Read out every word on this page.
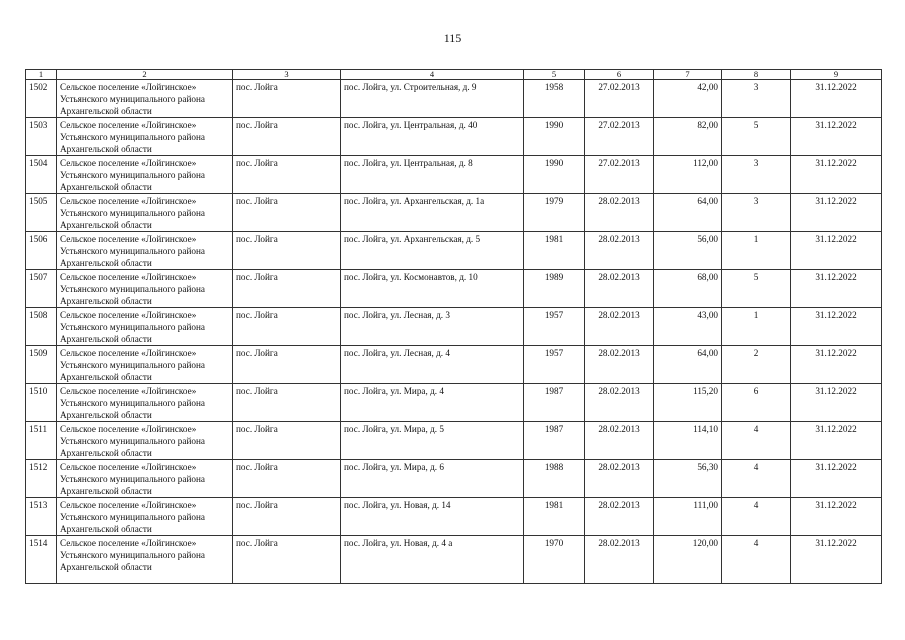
115
1	2	3	4	5	6	7	8	9
1502	Сельское поселение «Лойгинское» Устьянского муниципального района Архангельской области	пос. Лойга	пос. Лойга, ул. Строительная, д. 9	1958	27.02.2013	42,00	3	31.12.2022
1503	Сельское поселение «Лойгинское» Устьянского муниципального района Архангельской области	пос. Лойга	пос. Лойга, ул. Центральная, д. 40	1990	27.02.2013	82,00	5	31.12.2022
1504	Сельское поселение «Лойгинское» Устьянского муниципального района Архангельской области	пос. Лойга	пос. Лойга, ул. Центральная, д. 8	1990	27.02.2013	112,00	3	31.12.2022
1505	Сельское поселение «Лойгинское» Устьянского муниципального района Архангельской области	пос. Лойга	пос. Лойга, ул. Архангельская, д. 1а	1979	28.02.2013	64,00	3	31.12.2022
1506	Сельское поселение «Лойгинское» Устьянского муниципального района Архангельской области	пос. Лойга	пос. Лойга, ул. Архангельская, д. 5	1981	28.02.2013	56,00	1	31.12.2022
1507	Сельское поселение «Лойгинское» Устьянского муниципального района Архангельской области	пос. Лойга	пос. Лойга, ул. Космонавтов, д. 10	1989	28.02.2013	68,00	5	31.12.2022
1508	Сельское поселение «Лойгинское» Устьянского муниципального района Архангельской области	пос. Лойга	пос. Лойга, ул. Лесная, д. 3	1957	28.02.2013	43,00	1	31.12.2022
1509	Сельское поселение «Лойгинское» Устьянского муниципального района Архангельской области	пос. Лойга	пос. Лойга, ул. Лесная, д. 4	1957	28.02.2013	64,00	2	31.12.2022
1510	Сельское поселение «Лойгинское» Устьянского муниципального района Архангельской области	пос. Лойга	пос. Лойга, ул. Мира, д. 4	1987	28.02.2013	115,20	6	31.12.2022
1511	Сельское поселение «Лойгинское» Устьянского муниципального района Архангельской области	пос. Лойга	пос. Лойга, ул. Мира, д. 5	1987	28.02.2013	114,10	4	31.12.2022
1512	Сельское поселение «Лойгинское» Устьянского муниципального района Архангельской области	пос. Лойга	пос. Лойга, ул. Мира, д. 6	1988	28.02.2013	56,30	4	31.12.2022
1513	Сельское поселение «Лойгинское» Устьянского муниципального района Архангельской области	пос. Лойга	пос. Лойга, ул. Новая, д. 14	1981	28.02.2013	111,00	4	31.12.2022
1514	Сельское поселение «Лойгинское» Устьянского муниципального района Архангельской области	пос. Лойга	пос. Лойга, ул. Новая, д. 4 а	1970	28.02.2013	120,00	4	31.12.2022
